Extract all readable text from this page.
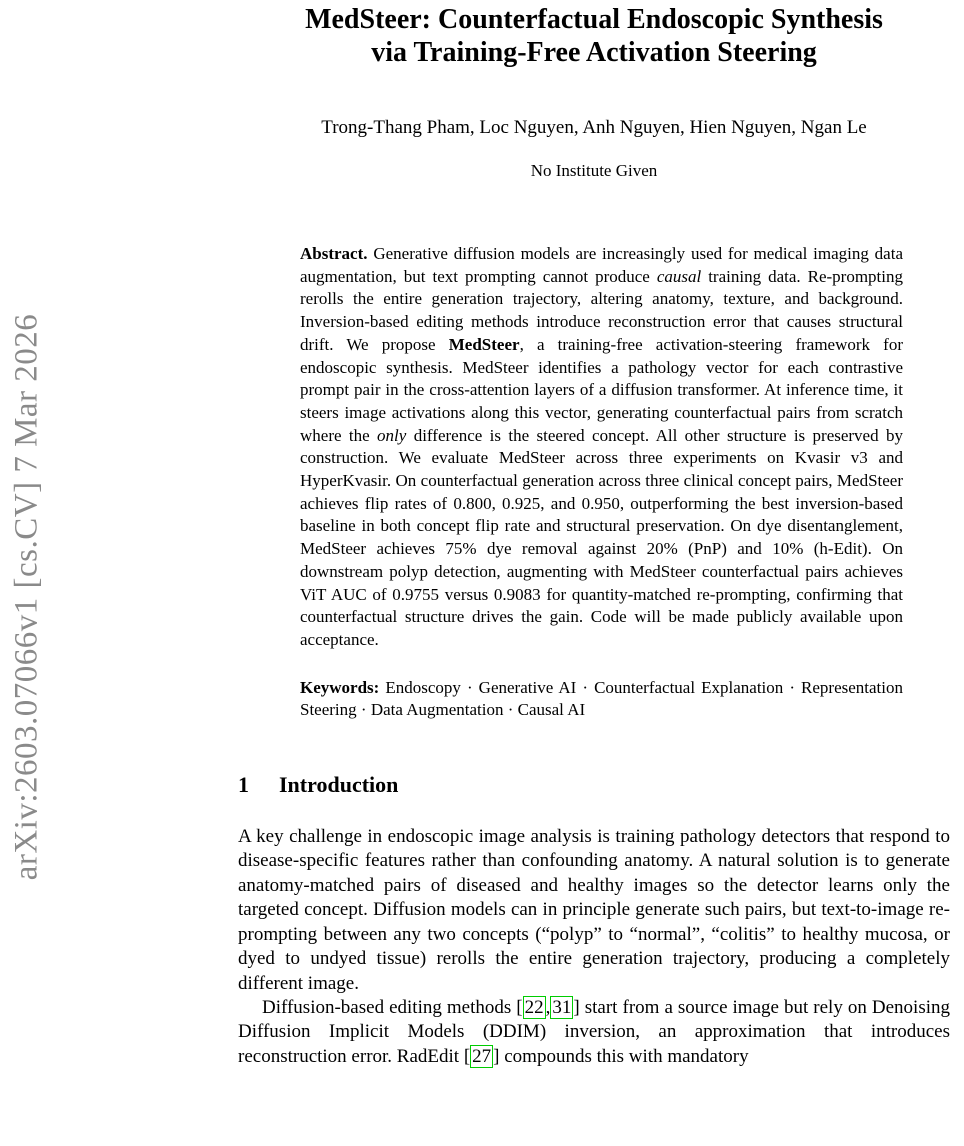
arXiv:2603.07066v1 [cs.CV] 7 Mar 2026
MedSteer: Counterfactual Endoscopic Synthesis
via Training-Free Activation Steering
Trong-Thang Pham, Loc Nguyen, Anh Nguyen, Hien Nguyen, Ngan Le
No Institute Given
Abstract. Generative diffusion models are increasingly used for medical imaging data augmentation, but text prompting cannot produce causal training data. Re-prompting rerolls the entire generation trajectory, altering anatomy, texture, and background. Inversion-based editing methods introduce reconstruction error that causes structural drift. We propose MedSteer, a training-free activation-steering framework for endoscopic synthesis. MedSteer identifies a pathology vector for each contrastive prompt pair in the cross-attention layers of a diffusion transformer. At inference time, it steers image activations along this vector, generating counterfactual pairs from scratch where the only difference is the steered concept. All other structure is preserved by construction. We evaluate MedSteer across three experiments on Kvasir v3 and HyperKvasir. On counterfactual generation across three clinical concept pairs, MedSteer achieves flip rates of 0.800, 0.925, and 0.950, outperforming the best inversion-based baseline in both concept flip rate and structural preservation. On dye disentanglement, MedSteer achieves 75% dye removal against 20% (PnP) and 10% (h-Edit). On downstream polyp detection, augmenting with MedSteer counterfactual pairs achieves ViT AUC of 0.9755 versus 0.9083 for quantity-matched re-prompting, confirming that counterfactual structure drives the gain. Code will be made publicly available upon acceptance.
Keywords: Endoscopy · Generative AI · Counterfactual Explanation · Representation Steering · Data Augmentation · Causal AI
1 Introduction

A key challenge in endoscopic image analysis is training pathology detectors that respond to disease-specific features rather than confounding anatomy. A natural solution is to generate anatomy-matched pairs of diseased and healthy images so the detector learns only the targeted concept. Diffusion models can in principle generate such pairs, but text-to-image re-prompting between any two concepts (“polyp” to “normal”, “colitis” to healthy mucosa, or dyed to undyed tissue) rerolls the entire generation trajectory, producing a completely different image.

Diffusion-based editing methods [ 22 , 31 ] start from a source image but rely on Denoising Diffusion Implicit Models (DDIM) inversion, an approximation that introduces reconstruction error. RadEdit [ 27 ] compounds this with mandatory
